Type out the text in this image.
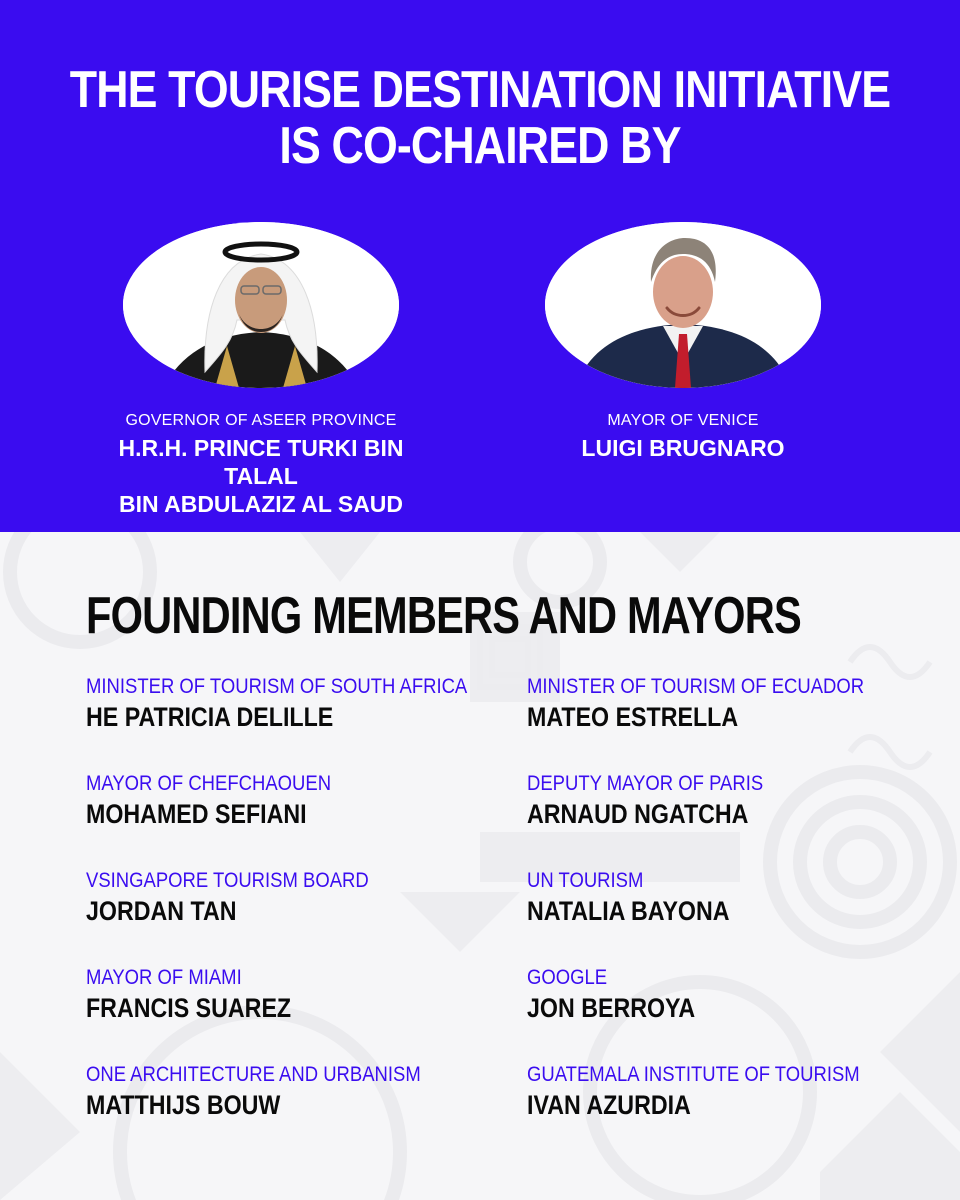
THE TOURISE DESTINATION INITIATIVE
IS CO-CHAIRED BY
GOVERNOR OF ASEER PROVINCE
H.R.H. PRINCE TURKI BIN TALAL
BIN ABDULAZIZ AL SAUD
MAYOR OF VENICE
LUIGI BRUGNARO
FOUNDING MEMBERS AND MAYORS
MINISTER OF TOURISM OF SOUTH AFRICA
HE PATRICIA DELILLE
MAYOR OF CHEFCHAOUEN
MOHAMED SEFIANI
VSINGAPORE TOURISM BOARD
JORDAN TAN
MAYOR OF MIAMI
FRANCIS SUAREZ
ONE ARCHITECTURE AND URBANISM
MATTHIJS BOUW
MINISTER OF TOURISM OF ECUADOR
MATEO ESTRELLA
DEPUTY MAYOR OF PARIS
ARNAUD NGATCHA
UN TOURISM
NATALIA BAYONA
GOOGLE
JON BERROYA
GUATEMALA INSTITUTE OF TOURISM
IVAN AZURDIA
